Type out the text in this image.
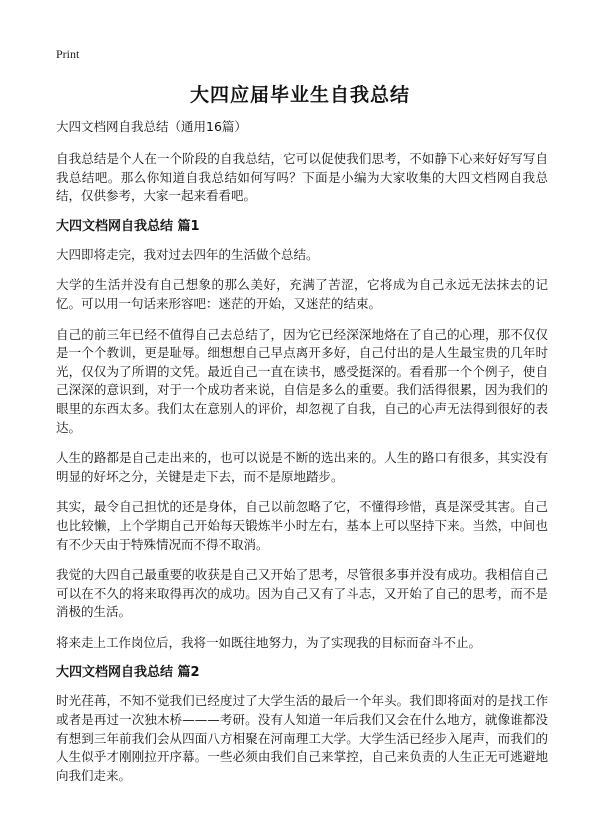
Print
大四应届毕业生自我总结
大四文档网自我总结（通用16篇）

自我总结是个人在一个阶段的自我总结，它可以促使我们思考，不如静下心来好好写写自我总结吧。那么你知道自我总结如何写吗？下面是小编为大家收集的大四文档网自我总结，仅供参考，大家一起来看看吧。

大四文档网自我总结 篇1

大四即将走完，我对过去四年的生活做个总结。

大学的生活并没有自己想象的那么美好，充满了苦涩，它将成为自己永远无法抹去的记忆。可以用一句话来形容吧：迷茫的开始，又迷茫的结束。

自己的前三年已经不值得自己去总结了，因为它已经深深地烙在了自己的心理，那不仅仅是一个个教训，更是耻辱。细想想自己早点离开多好，自己付出的是人生最宝贵的几年时光，仅仅为了所谓的文凭。最近自己一直在读书，感受挺深的。看看那一个个例子，使自己深深的意识到，对于一个成功者来说，自信是多么的重要。我们活得很累，因为我们的眼里的东西太多。我们太在意别人的评价，却忽视了自我，自己的心声无法得到很好的表达。

人生的路都是自己走出来的，也可以说是不断的选出来的。人生的路口有很多，其实没有明显的好坏之分，关键是走下去，而不是原地踏步。

其实，最令自己担忧的还是身体，自己以前忽略了它，不懂得珍惜，真是深受其害。自己也比较懒，上个学期自己开始每天锻炼半小时左右，基本上可以坚持下来。当然，中间也有不少天由于特殊情况而不得不取消。

我觉的大四自己最重要的收获是自己又开始了思考，尽管很多事并没有成功。我相信自己可以在不久的将来取得再次的成功。因为自己又有了斗志，又开始了自己的思考，而不是消极的生活。

将来走上工作岗位后，我将一如既往地努力，为了实现我的目标而奋斗不止。

大四文档网自我总结 篇2

时光荏苒，不知不觉我们已经度过了大学生活的最后一个年头。我们即将面对的是找工作或者是再过一次独木桥———考研。没有人知道一年后我们又会在什么地方，就像谁都没有想到三年前我们会从四面八方相聚在河南理工大学。大学生活已经步入尾声，而我们的人生似乎才刚刚拉开序幕。一些必须由我们自己来掌控，自己来负责的人生正无可逃避地向我们走来。
